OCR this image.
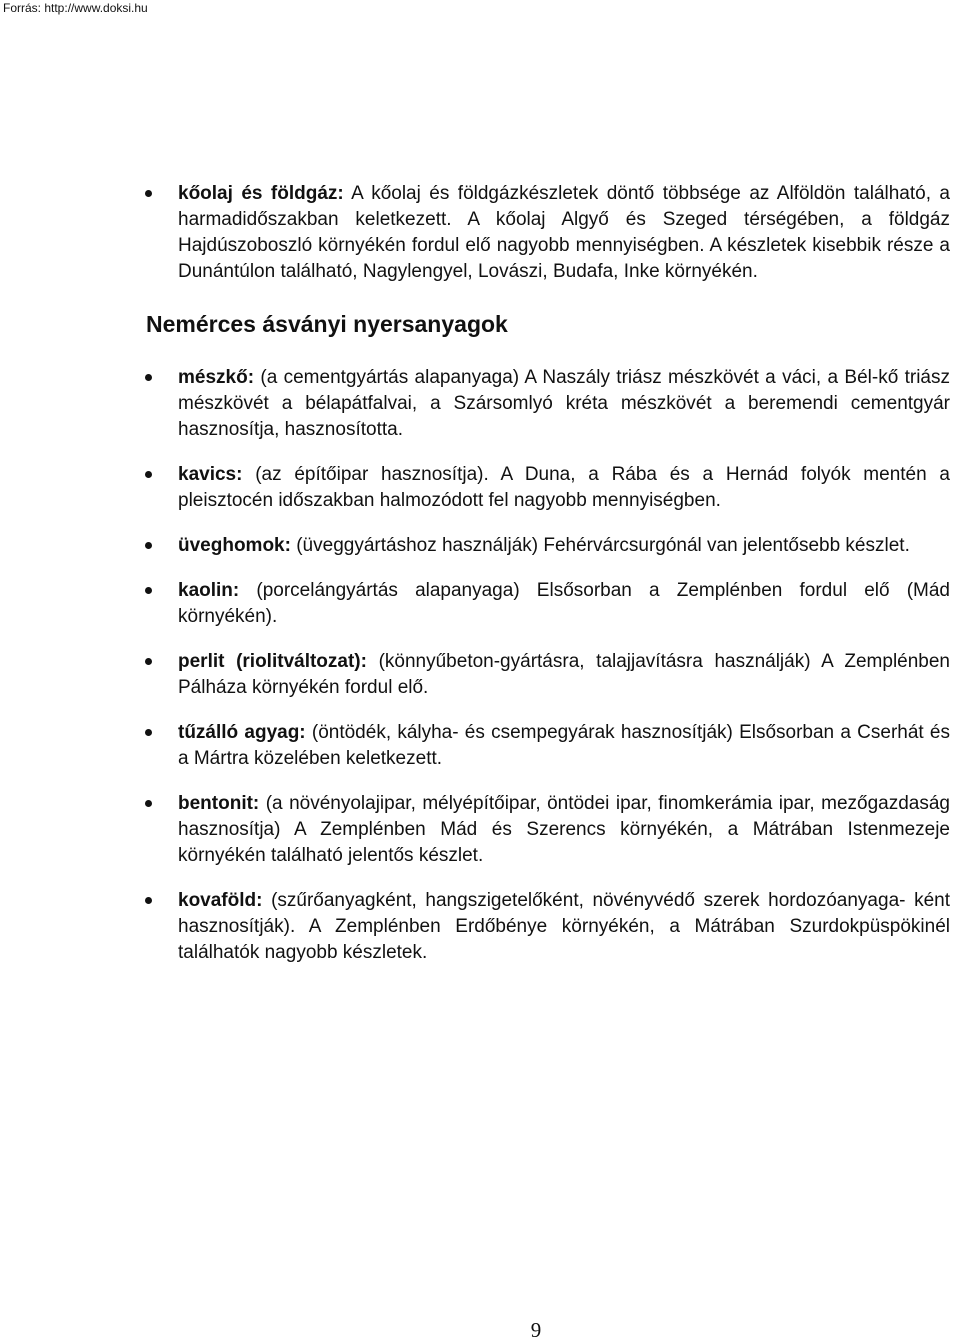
Forrás: http://www.doksi.hu
kőolaj és földgáz: A kőolaj és földgázkészletek döntő többsége az Alföldön található, a harmadidőszakban keletkezett. A kőolaj Algyő és Szeged térségében, a földgáz Hajdúszoboszló környékén fordul elő nagyobb mennyiségben. A készletek kisebbik része a Dunántúlon található, Nagylengyel, Lovászi, Budafa, Inke környékén.
Nemérces ásványi nyersanyagok
mészkő: (a cementgyártás alapanyaga) A Naszály triász mészkövét a váci, a Bél-kő triász mészkövét a bélapátfalvai, a Szársomlyó kréta mészkövét a beremendi cementgyár hasznosítja, hasznosította.
kavics: (az építőipar hasznosítja). A Duna, a Rába és a Hernád folyók mentén a pleisztocén időszakban halmozódott fel nagyobb mennyiségben.
üveghomok: (üveggyártáshoz használják) Fehérvárcsurgónál van jelentősebb készlet.
kaolin: (porcelángyártás alapanyaga) Elsősorban a Zemplénben fordul elő (Mád környékén).
perlit (riolitváltozat): (könnyűbeton-gyártásra, talajjavításra használják) A Zemplénben Pálháza környékén fordul elő.
tűzálló agyag: (öntödék, kályha- és csempegyárak hasznosítják) Elsősorban a Cserhát és a Mártra közelében keletkezett.
bentonit: (a növényolajipar, mélyépítőipar, öntödei ipar, finomkerámia ipar, mezőgazdaság hasznosítja) A Zemplénben Mád és Szerencs környékén, a Mátrában Istenmezeje környékén található jelentős készlet.
kovaföld: (szűrőanyagként, hangszigetelőként, növényvédő szerek hordozóanyaga- ként hasznosítják). A Zemplénben Erdőbénye környékén, a Mátrában Szurdokpüspökinél találhatók nagyobb készletek.
9
